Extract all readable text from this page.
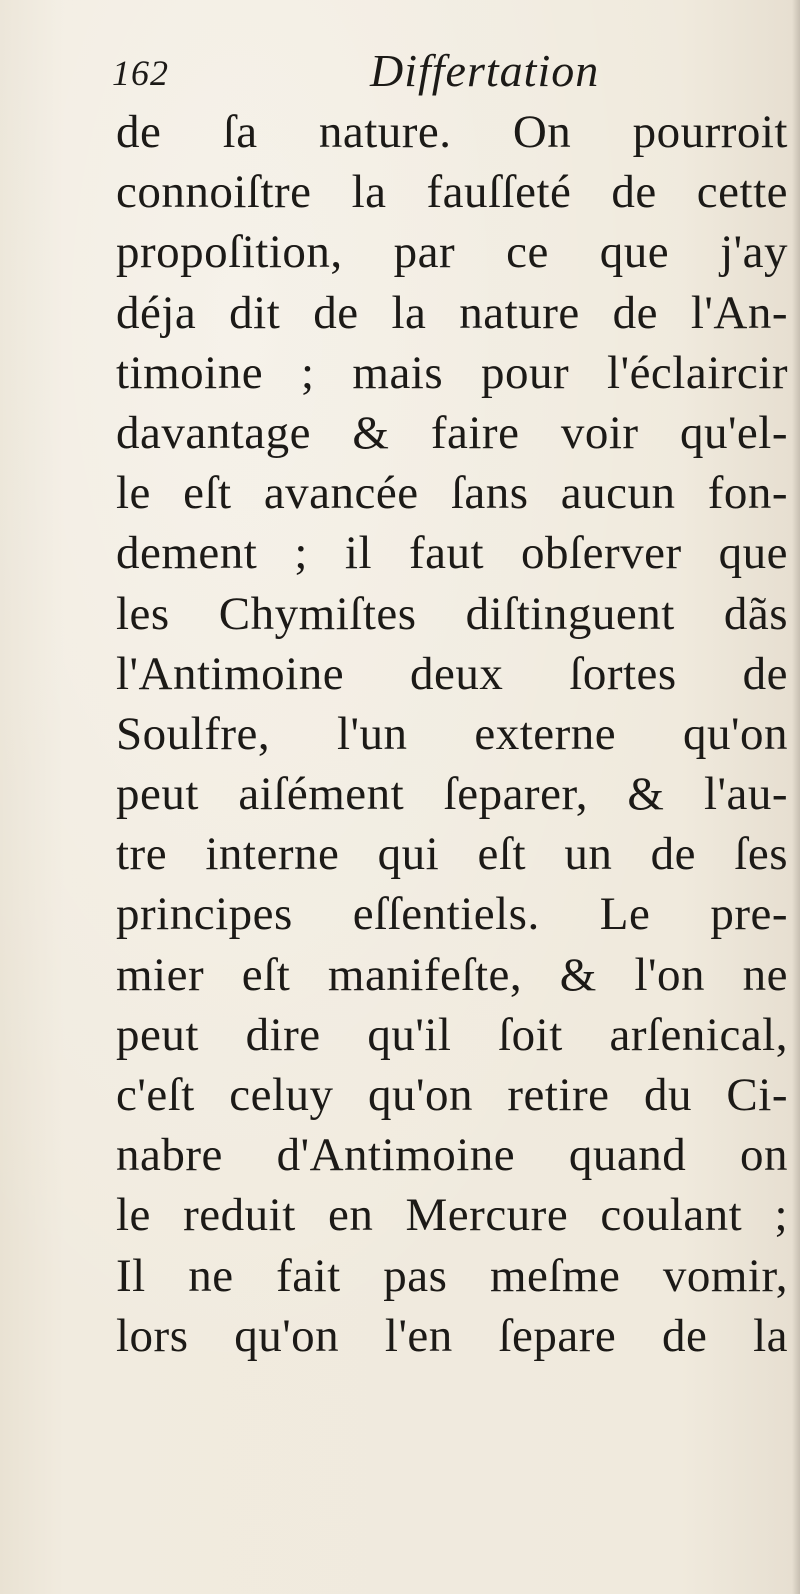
162	Differtation
de ſa nature. On pourroit
connoiſtre la fauſſeté de cette
propoſition, par ce que j'ay
déja dit de la nature de l'An-
timoine ; mais pour l'éclaircir
davantage & faire voir qu'el-
le eſt avancée ſans aucun fon-
dement ; il faut obſerver que
les Chymiſtes diſtinguent dãs
l'Antimoine deux ſortes de
Soulfre, l'un externe qu'on
peut aiſément ſeparer, & l'au-
tre interne qui eſt un de ſes
principes eſſentiels. Le pre-
mier eſt manifeſte, & l'on ne
peut dire qu'il ſoit arſenical,
c'eſt celuy qu'on retire du Ci-
nabre d'Antimoine quand on
le reduit en Mercure coulant ;
Il ne fait pas meſme vomir,
lors qu'on l'en ſepare de la
